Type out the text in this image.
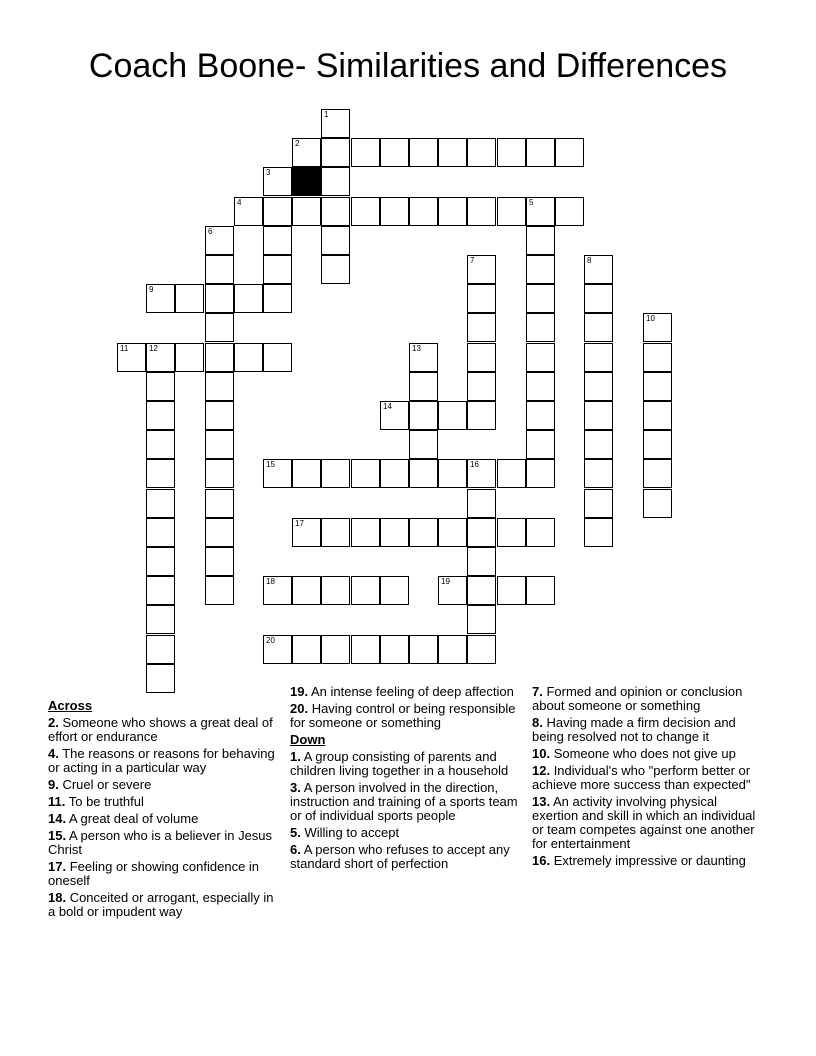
Coach Boone- Similarities and Differences
1
2
3
4	5
6
7	8
9
10
11	12	13
14
15	16
17
18	19
20
Across
2. Someone who shows a great deal of effort or endurance
4. The reasons or reasons for behaving or acting in a particular way
9. Cruel or severe
11. To be truthful
14. A great deal of volume
15. A person who is a believer in Jesus Christ
17. Feeling or showing confidence in oneself
18. Conceited or arrogant, especially in a bold or impudent way
19. An intense feeling of deep affection
20. Having control or being responsible for someone or something
Down
1. A group consisting of parents and children living together in a household
3. A person involved in the direction, instruction and training of a sports team or of individual sports people
5. Willing to accept
6. A person who refuses to accept any standard short of perfection
7. Formed and opinion or conclusion about someone or something
8. Having made a firm decision and being resolved not to change it
10. Someone who does not give up
12. Individual's who "perform better or achieve more success than expected"
13. An activity involving physical exertion and skill in which an individual or team competes against one another for entertainment
16. Extremely impressive or daunting
